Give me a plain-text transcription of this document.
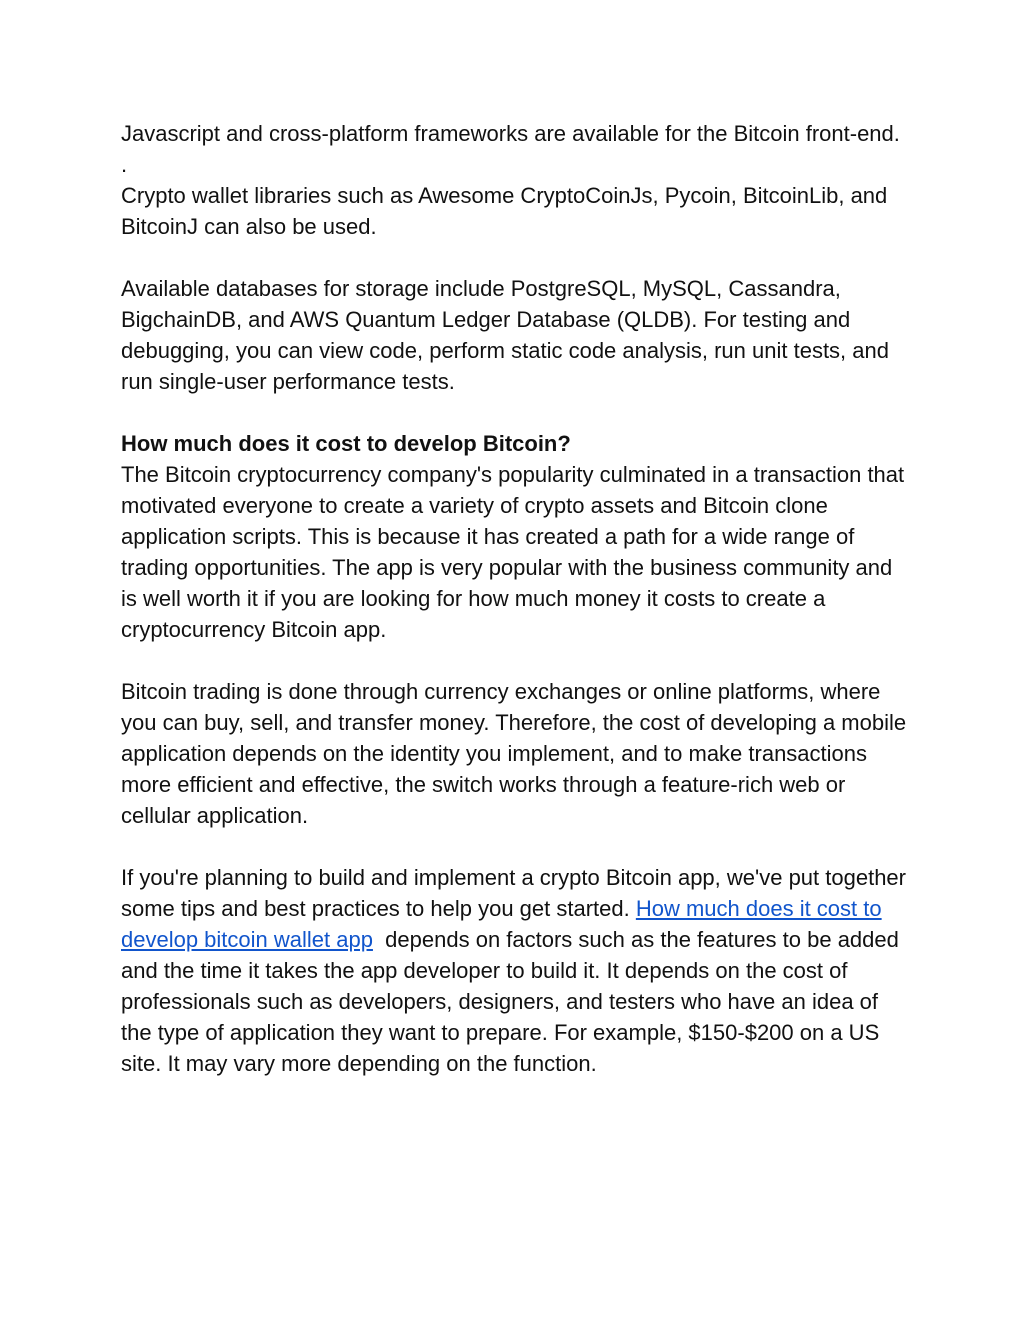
Javascript and cross-platform frameworks are available for the Bitcoin front-end.

.

Crypto wallet libraries such as Awesome CryptoCoinJs, Pycoin, BitcoinLib, and BitcoinJ can also be used.

Available databases for storage include PostgreSQL, MySQL, Cassandra, BigchainDB, and AWS Quantum Ledger Database (QLDB). For testing and debugging, you can view code, perform static code analysis, run unit tests, and run single-user performance tests.

How much does it cost to develop Bitcoin?

The Bitcoin cryptocurrency company's popularity culminated in a transaction that motivated everyone to create a variety of crypto assets and Bitcoin clone application scripts. This is because it has created a path for a wide range of trading opportunities. The app is very popular with the business community and is well worth it if you are looking for how much money it costs to create a cryptocurrency Bitcoin app.

Bitcoin trading is done through currency exchanges or online platforms, where you can buy, sell, and transfer money. Therefore, the cost of developing a mobile application depends on the identity you implement, and to make transactions more efficient and effective, the switch works through a feature-rich web or cellular application.

If you're planning to build and implement a crypto Bitcoin app, we've put together some tips and best practices to help you get started. How much does it cost to develop bitcoin wallet app  depends on factors such as the features to be added and the time it takes the app developer to build it. It depends on the cost of professionals such as developers, designers, and testers who have an idea of the type of application they want to prepare. For example, $150-$200 on a US site. It may vary more depending on the function.
